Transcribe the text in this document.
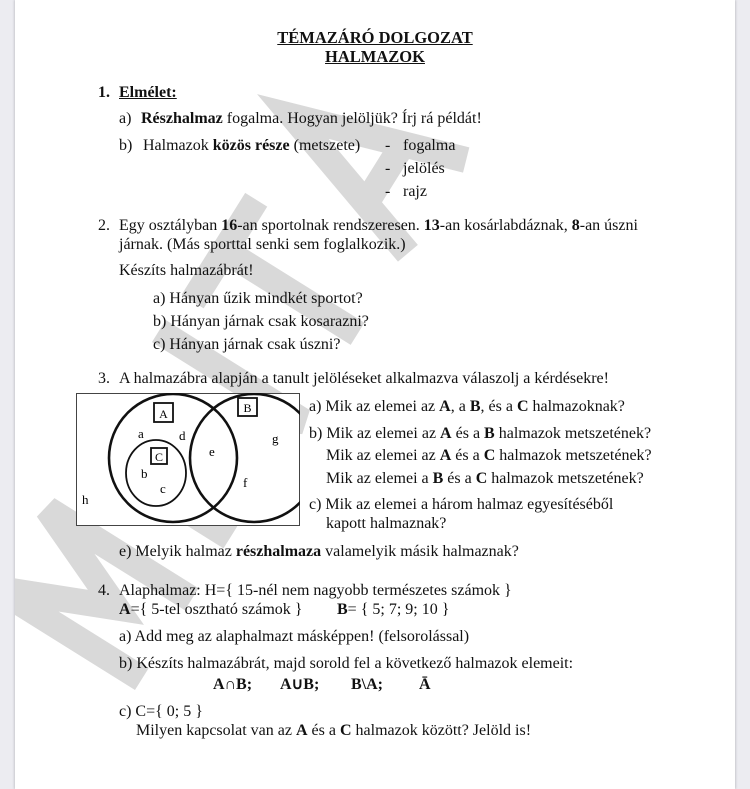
TÉMAZÁRÓ DOLGOZAT
HALMAZOK
1. Elmélet:
a) Részhalmaz fogalma. Hogyan jelöljük? Írj rá példát!
b) Halmazok közös része (metszete)	- fogalma
- jelölés
- rajz
2. Egy osztályban 16-an sportolnak rendszeresen. 13-an kosárlabdáznak, 8-an úszni
járnak. (Más sporttal senki sem foglalkozik.)
Készíts halmazábrát!
a) Hányan űzik mindkét sportot?
b) Hányan járnak csak kosarazni?
c) Hányan járnak csak úszni?
3. A halmazábra alapján a tanult jelöléseket alkalmazva válaszolj a kérdésekre!
A	B
C
a
b
c
d
e
f
g
h
a) Mik az elemei az A, a B, és a C halmazoknak?
b) Mik az elemei az A és a B halmazok metszetének?
Mik az elemei az A és a C halmazok metszetének?
Mik az elemei a B és a C halmazok metszetének?
c) Mik az elemei a három halmaz egyesítéséből
kapott halmaznak?
e) Melyik halmaz részhalmaza valamelyik másik halmaznak?
4. Alaphalmaz: H={ 15-nél nem nagyobb természetes számok }
A={ 5-tel osztható számok }	B= { 5; 7; 9; 10 }
a) Add meg az alaphalmazt másképpen! (felsorolással)
b) Készíts halmazábrát, majd sorold fel a következő halmazok elemeit:
A∩B;	A∪B;	B\A;	Ā
c) C={ 0; 5 }
Milyen kapcsolat van az A és a C halmazok között? Jelöld is!
